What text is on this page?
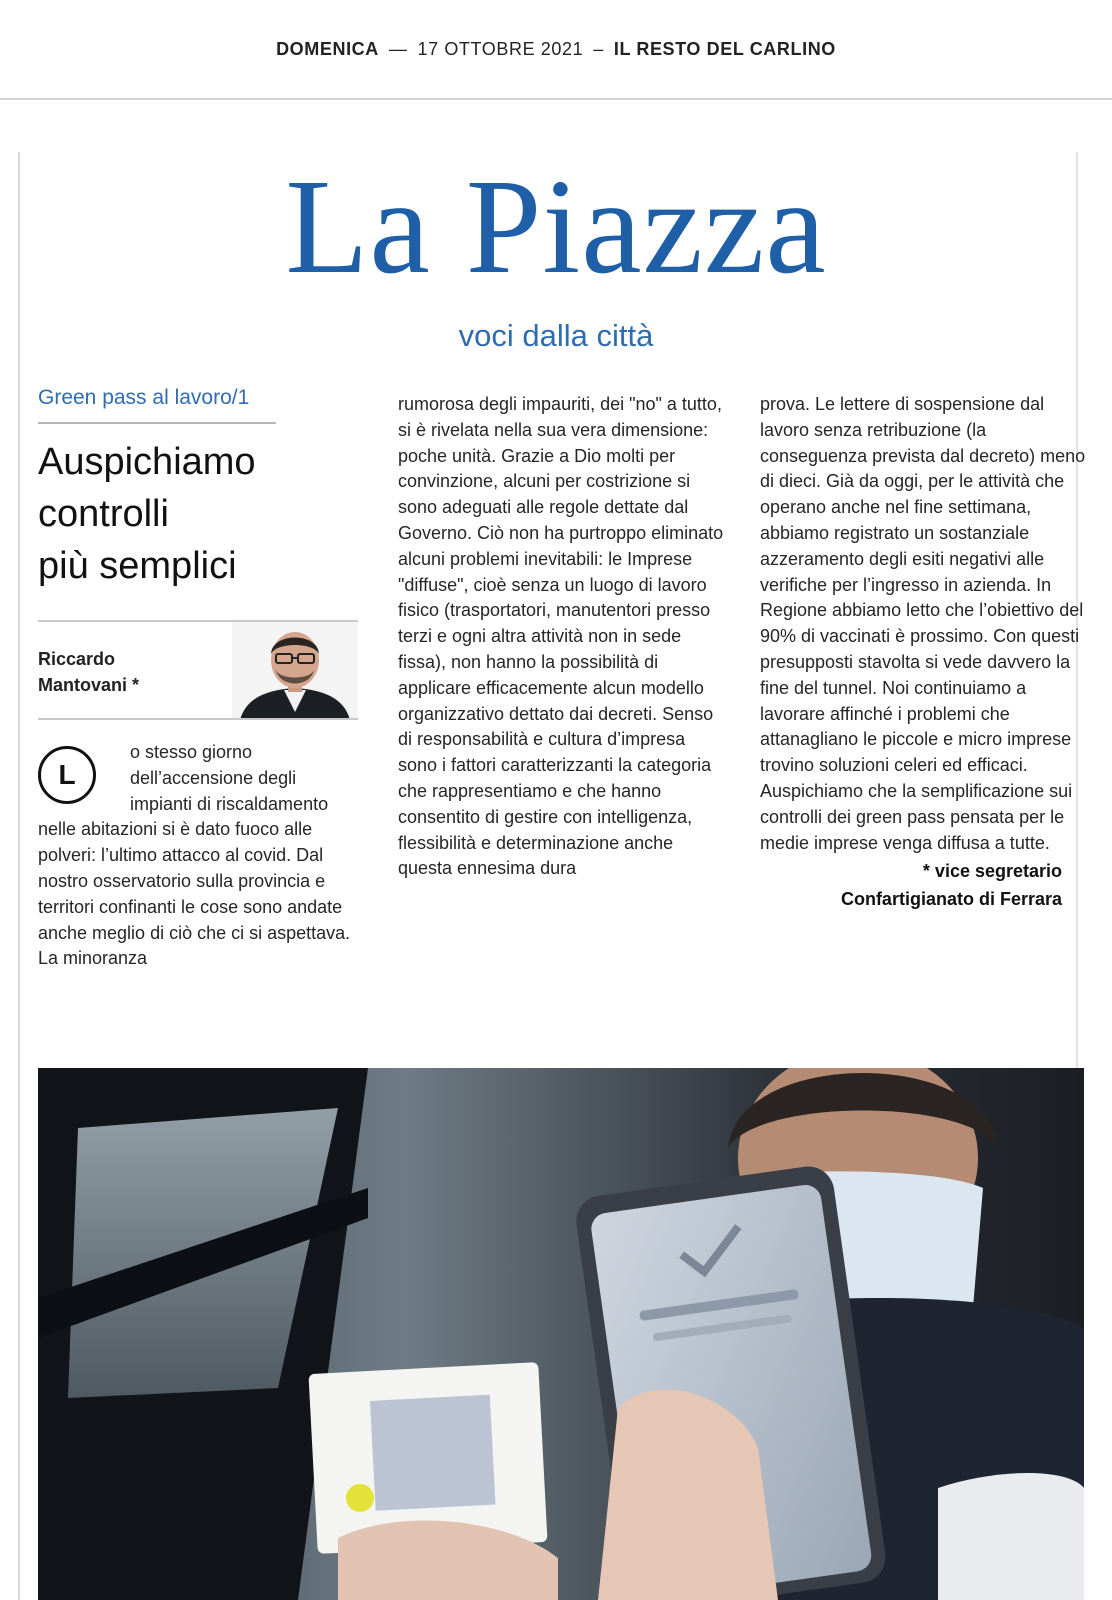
DOMENICA — 17 OTTOBRE 2021 – IL RESTO DEL CARLINO
La Piazza
voci dalla città
Green pass al lavoro/1
Auspichiamo
controlli
più semplici
Riccardo
Mantovani *
L

o stesso giorno dell’accensione degli impianti di riscaldamento nelle abitazioni si è dato fuoco alle polveri: l’ultimo attacco al covid. Dal nostro osservatorio sulla provincia e territori confinanti le cose sono andate anche meglio di ciò che ci si aspettava. La minoranza

rumorosa degli impauriti, dei "no" a tutto, si è rivelata nella sua vera dimensione: poche unità. Grazie a Dio molti per convinzione, alcuni per costrizione si sono adeguati alle regole dettate dal Governo. Ciò non ha purtroppo eliminato alcuni problemi inevitabili: le Imprese "diffuse", cioè senza un luogo di lavoro fisico (trasportatori, manutentori presso terzi e ogni altra attività non in sede fissa), non hanno la possibilità di applicare efficacemente alcun modello organizzativo dettato dai decreti. Senso di responsabilità e cultura d’impresa sono i fattori caratterizzanti la categoria che rappresentiamo e che hanno consentito di gestire con intelligenza, flessibilità e determinazione anche questa ennesima dura

prova. Le lettere di sospensione dal lavoro senza retribuzione (la conseguenza prevista dal decreto) meno di dieci. Già da oggi, per le attività che operano anche nel fine settimana, abbiamo registrato un sostanziale azzeramento degli esiti negativi alle verifiche per l’ingresso in azienda. In Regione abbiamo letto che l’obiettivo del 90% di vaccinati è prossimo. Con questi presupposti stavolta si vede davvero la fine del tunnel. Noi continuiamo a lavorare affinché i problemi che attanagliano le piccole e micro imprese trovino soluzioni celeri ed efficaci. Auspichiamo che la semplificazione sui controlli dei green pass pensata per le medie imprese venga diffusa a tutte.

* vice segretario
Confartigianato di Ferrara
